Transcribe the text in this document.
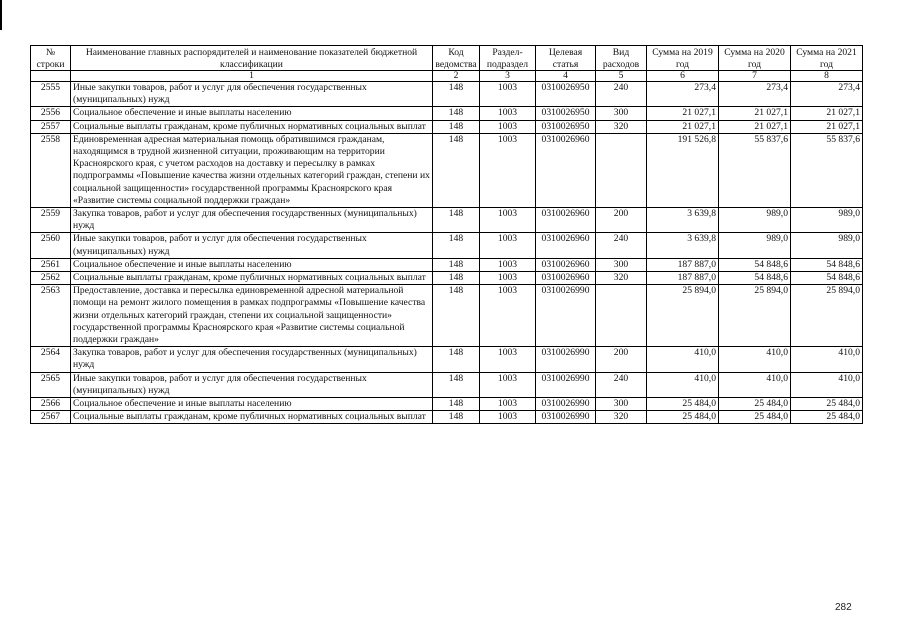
№ строки	Наименование главных распорядителей и наименование показателей бюджетной классификации	Код ведомства	Раздел-подраздел	Целевая статья	Вид расходов	Сумма на 2019 год	Сумма на 2020 год	Сумма на 2021 год
	1	2	3	4	5	6	7	8
2555	Иные закупки товаров, работ и услуг для обеспечения государственных (муниципальных) нужд	148	1003	0310026950	240	273,4	273,4	273,4
2556	Социальное обеспечение и иные выплаты населению	148	1003	0310026950	300	21 027,1	21 027,1	21 027,1
2557	Социальные выплаты гражданам, кроме публичных нормативных социальных выплат	148	1003	0310026950	320	21 027,1	21 027,1	21 027,1
2558	Единовременная адресная материальная помощь обратившимся гражданам, находящимся в трудной жизненной ситуации, проживающим на территории Красноярского края, с учетом расходов на доставку и пересылку в рамках подпрограммы «Повышение качества жизни отдельных категорий граждан, степени их социальной защищенности» государственной программы Красноярского края «Развитие системы социальной поддержки граждан»	148	1003	0310026960		191 526,8	55 837,6	55 837,6
2559	Закупка товаров, работ и услуг для обеспечения государственных (муниципальных) нужд	148	1003	0310026960	200	3 639,8	989,0	989,0
2560	Иные закупки товаров, работ и услуг для обеспечения государственных (муниципальных) нужд	148	1003	0310026960	240	3 639,8	989,0	989,0
2561	Социальное обеспечение и иные выплаты населению	148	1003	0310026960	300	187 887,0	54 848,6	54 848,6
2562	Социальные выплаты гражданам, кроме публичных нормативных социальных выплат	148	1003	0310026960	320	187 887,0	54 848,6	54 848,6
2563	Предоставление, доставка и пересылка единовременной адресной материальной помощи на ремонт жилого помещения в рамках подпрограммы «Повышение качества жизни отдельных категорий граждан, степени их социальной защищенности» государственной программы Красноярского края «Развитие системы социальной поддержки граждан»	148	1003	0310026990		25 894,0	25 894,0	25 894,0
2564	Закупка товаров, работ и услуг для обеспечения государственных (муниципальных) нужд	148	1003	0310026990	200	410,0	410,0	410,0
2565	Иные закупки товаров, работ и услуг для обеспечения государственных (муниципальных) нужд	148	1003	0310026990	240	410,0	410,0	410,0
2566	Социальное обеспечение и иные выплаты населению	148	1003	0310026990	300	25 484,0	25 484,0	25 484,0
2567	Социальные выплаты гражданам, кроме публичных нормативных социальных выплат	148	1003	0310026990	320	25 484,0	25 484,0	25 484,0
282
